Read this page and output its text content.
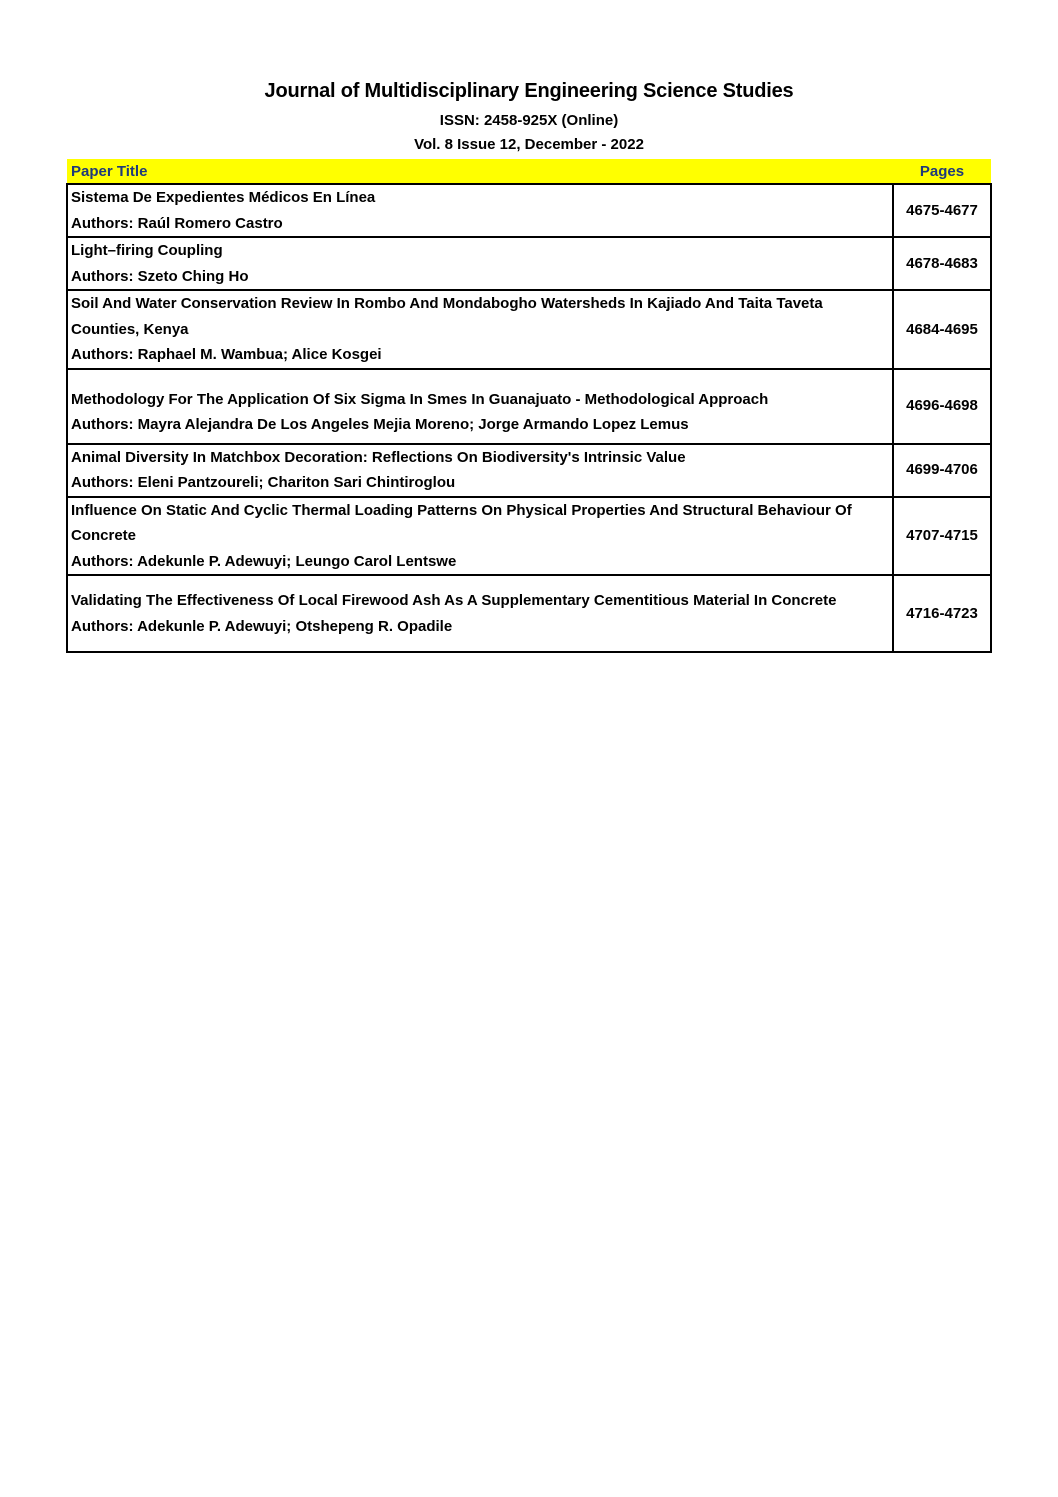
Journal of Multidisciplinary Engineering Science Studies
ISSN: 2458-925X (Online)
Vol. 8 Issue 12, December - 2022
Paper Title	Pages

Sistema De Expedientes Médicos En Línea
Authors: Raúl Romero Castro	4675-4677

Light–firing Coupling
Authors: Szeto Ching Ho	4678-4683

Soil And Water Conservation Review In Rombo And Mondabogho Watersheds In Kajiado And Taita Taveta Counties, Kenya
Authors: Raphael M. Wambua; Alice Kosgei	4684-4695

Methodology For The Application Of Six Sigma In Smes In Guanajuato - Methodological Approach
Authors: Mayra Alejandra De Los Angeles Mejia Moreno; Jorge Armando Lopez Lemus	4696-4698

Animal Diversity In Matchbox Decoration: Reflections On Biodiversity's Intrinsic Value
Authors: Eleni Pantzoureli; Chariton Sari Chintiroglou	4699-4706

Influence On Static And Cyclic Thermal Loading Patterns On Physical Properties And Structural Behaviour Of Concrete
Authors: Adekunle P. Adewuyi; Leungo Carol Lentswe	4707-4715

Validating The Effectiveness Of Local Firewood Ash As A Supplementary Cementitious Material In Concrete
Authors: Adekunle P. Adewuyi; Otshepeng R. Opadile	4716-4723
